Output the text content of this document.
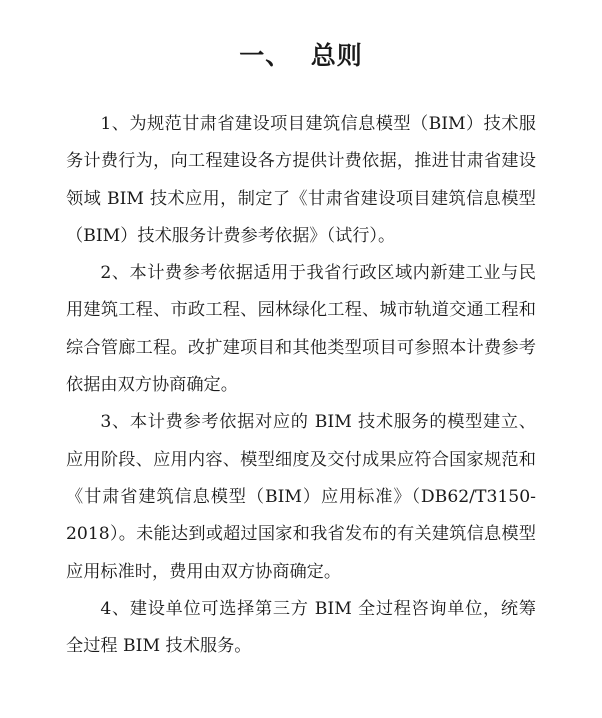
一、  总则

1、为规范甘肃省建设项目建筑信息模型（BIM）技术服务计费行为，向工程建设各方提供计费依据，推进甘肃省建设领域 BIM 技术应用，制定了《甘肃省建设项目建筑信息模型（BIM）技术服务计费参考依据》（试行）。

2、本计费参考依据适用于我省行政区域内新建工业与民用建筑工程、市政工程、园林绿化工程、城市轨道交通工程和综合管廊工程。改扩建项目和其他类型项目可参照本计费参考依据由双方协商确定。

3、本计费参考依据对应的 BIM 技术服务的模型建立、应用阶段、应用内容、模型细度及交付成果应符合国家规范和《甘肃省建筑信息模型（BIM）应用标准》（DB62/T3150-2018）。未能达到或超过国家和我省发布的有关建筑信息模型应用标准时，费用由双方协商确定。

4、建设单位可选择第三方 BIM 全过程咨询单位，统筹全过程 BIM 技术服务。
